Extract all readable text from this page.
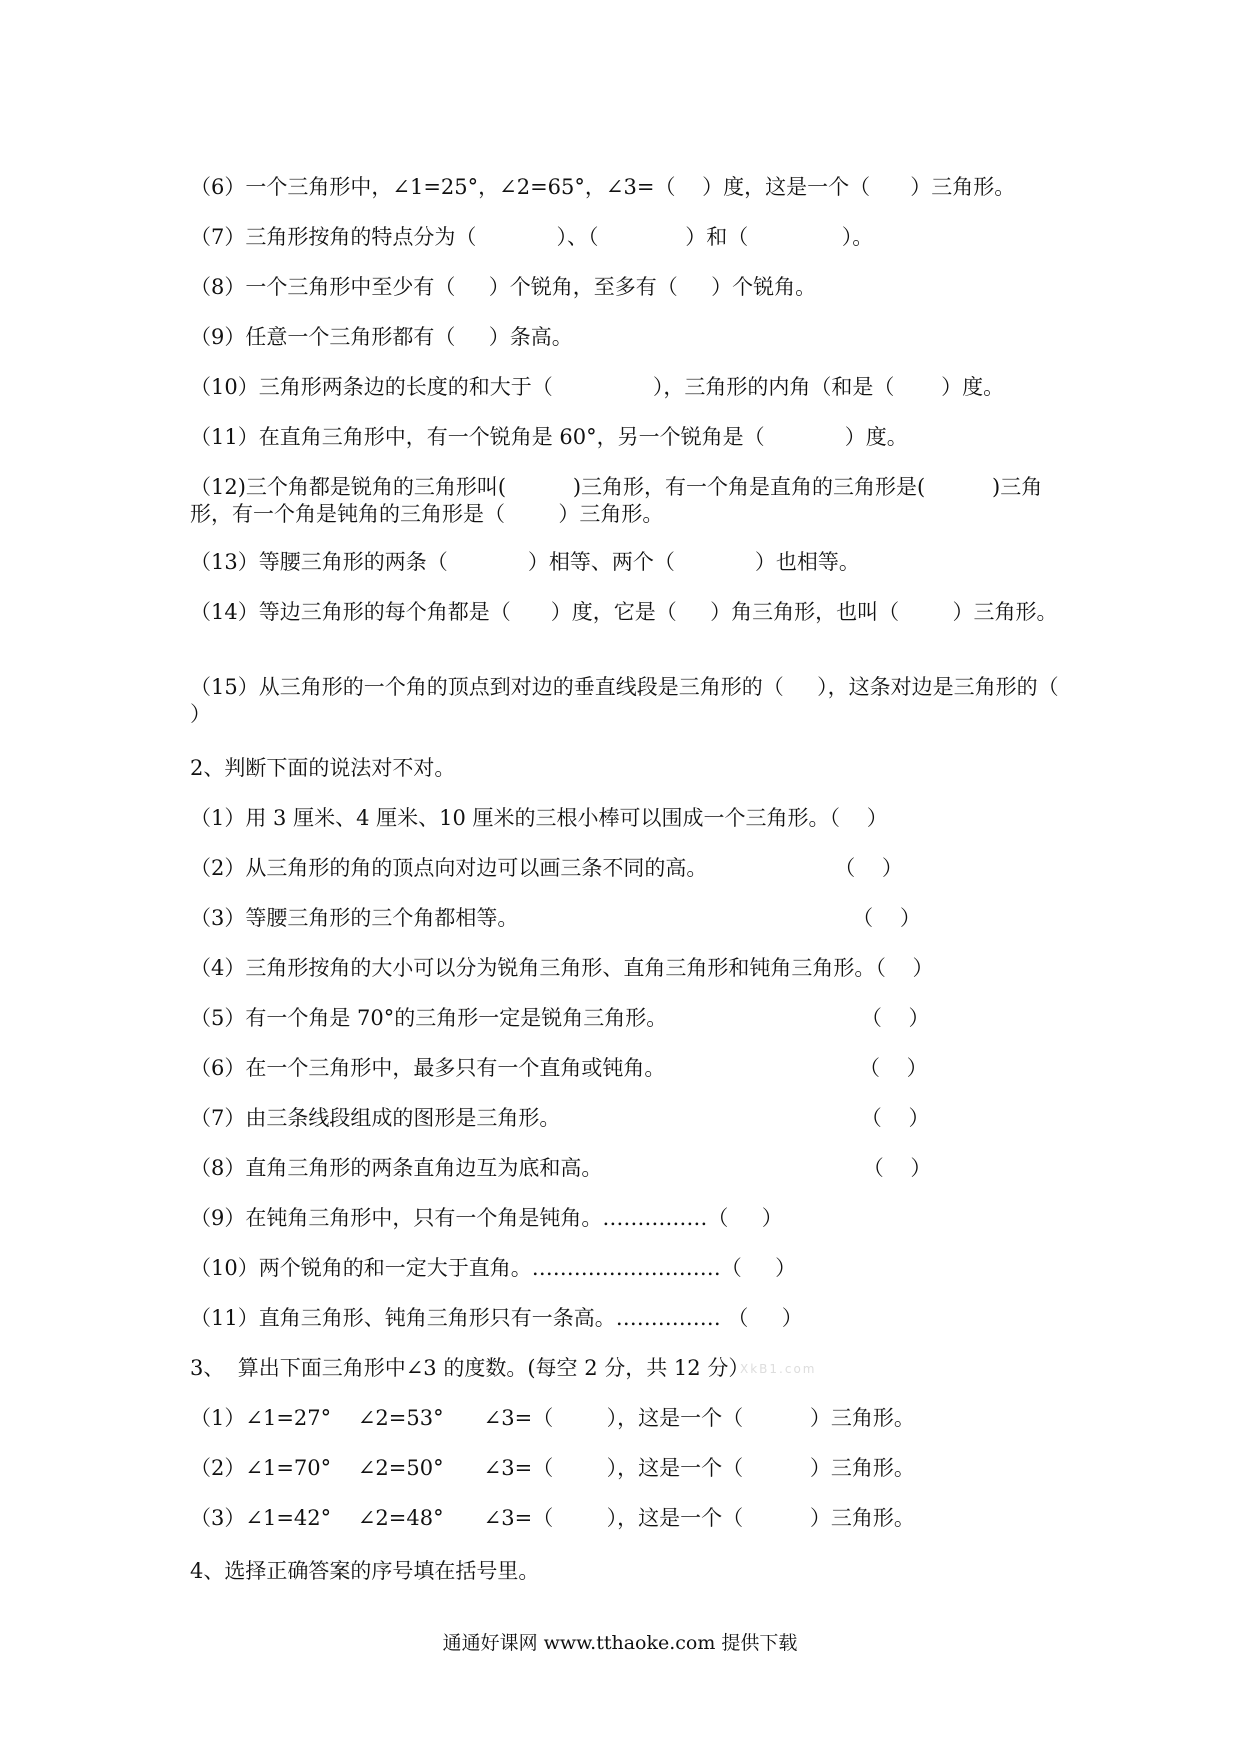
（6）一个三角形中，∠1=25°，∠2=65°，∠3=（    ）度，这是一个（      ）三角形。
（7）三角形按角的特点分为（            ）、（             ）和（              ）。
（8）一个三角形中至少有（     ）个锐角，至多有（     ）个锐角。
（9）任意一个三角形都有（     ）条高。
（10）三角形两条边的长度的和大于（               ），三角形的内角（和是（       ）度。
（11）在直角三角形中，有一个锐角是 60°，另一个锐角是（            ）度。
（12)三个角都是锐角的三角形叫(          )三角形，有一个角是直角的三角形是(          )三角形，有一个角是钝角的三角形是（        ）三角形。
（13）等腰三角形的两条（            ）相等、两个（            ）也相等。
（14）等边三角形的每个角都是（      ）度，它是（     ）角三角形，也叫（        ）三角形。
（15）从三角形的一个角的顶点到对边的垂直线段是三角形的（     ），这条对边是三角形的（         ）
2、判断下面的说法对不对。
（1）用 3 厘米、4 厘米、10 厘米的三根小棒可以围成一个三角形。（    ）
（2）从三角形的角的顶点向对边可以画三条不同的高。                   （    ）
（3）等腰三角形的三个角都相等。                                                  （    ）
（4）三角形按角的大小可以分为锐角三角形、直角三角形和钝角三角形。（    ）
（5）有一个角是 70°的三角形一定是锐角三角形。                             （    ）
（6）在一个三角形中，最多只有一个直角或钝角。                             （    ）
（7）由三条线段组成的图形是三角形。                                             （    ）
（8）直角三角形的两条直角边互为底和高。                                       （    ）
（9）在钝角三角形中，只有一个角是钝角。……………（     ）
（10）两个锐角的和一定大于直角。………………………（     ）
（11）直角三角形、钝角三角形只有一条高。…………… （     ）
3、  算出下面三角形中∠3 的度数。(每空 2 分，共 12 分）
XkB1.com
（1）∠1=27°    ∠2=53°      ∠3=（        ），这是一个（          ）三角形。
（2）∠1=70°    ∠2=50°      ∠3=（        ），这是一个（          ）三角形。
（3）∠1=42°    ∠2=48°      ∠3=（        ），这是一个（          ）三角形。
4、选择正确答案的序号填在括号里。
通通好课网 www.tthaoke.com 提供下载
